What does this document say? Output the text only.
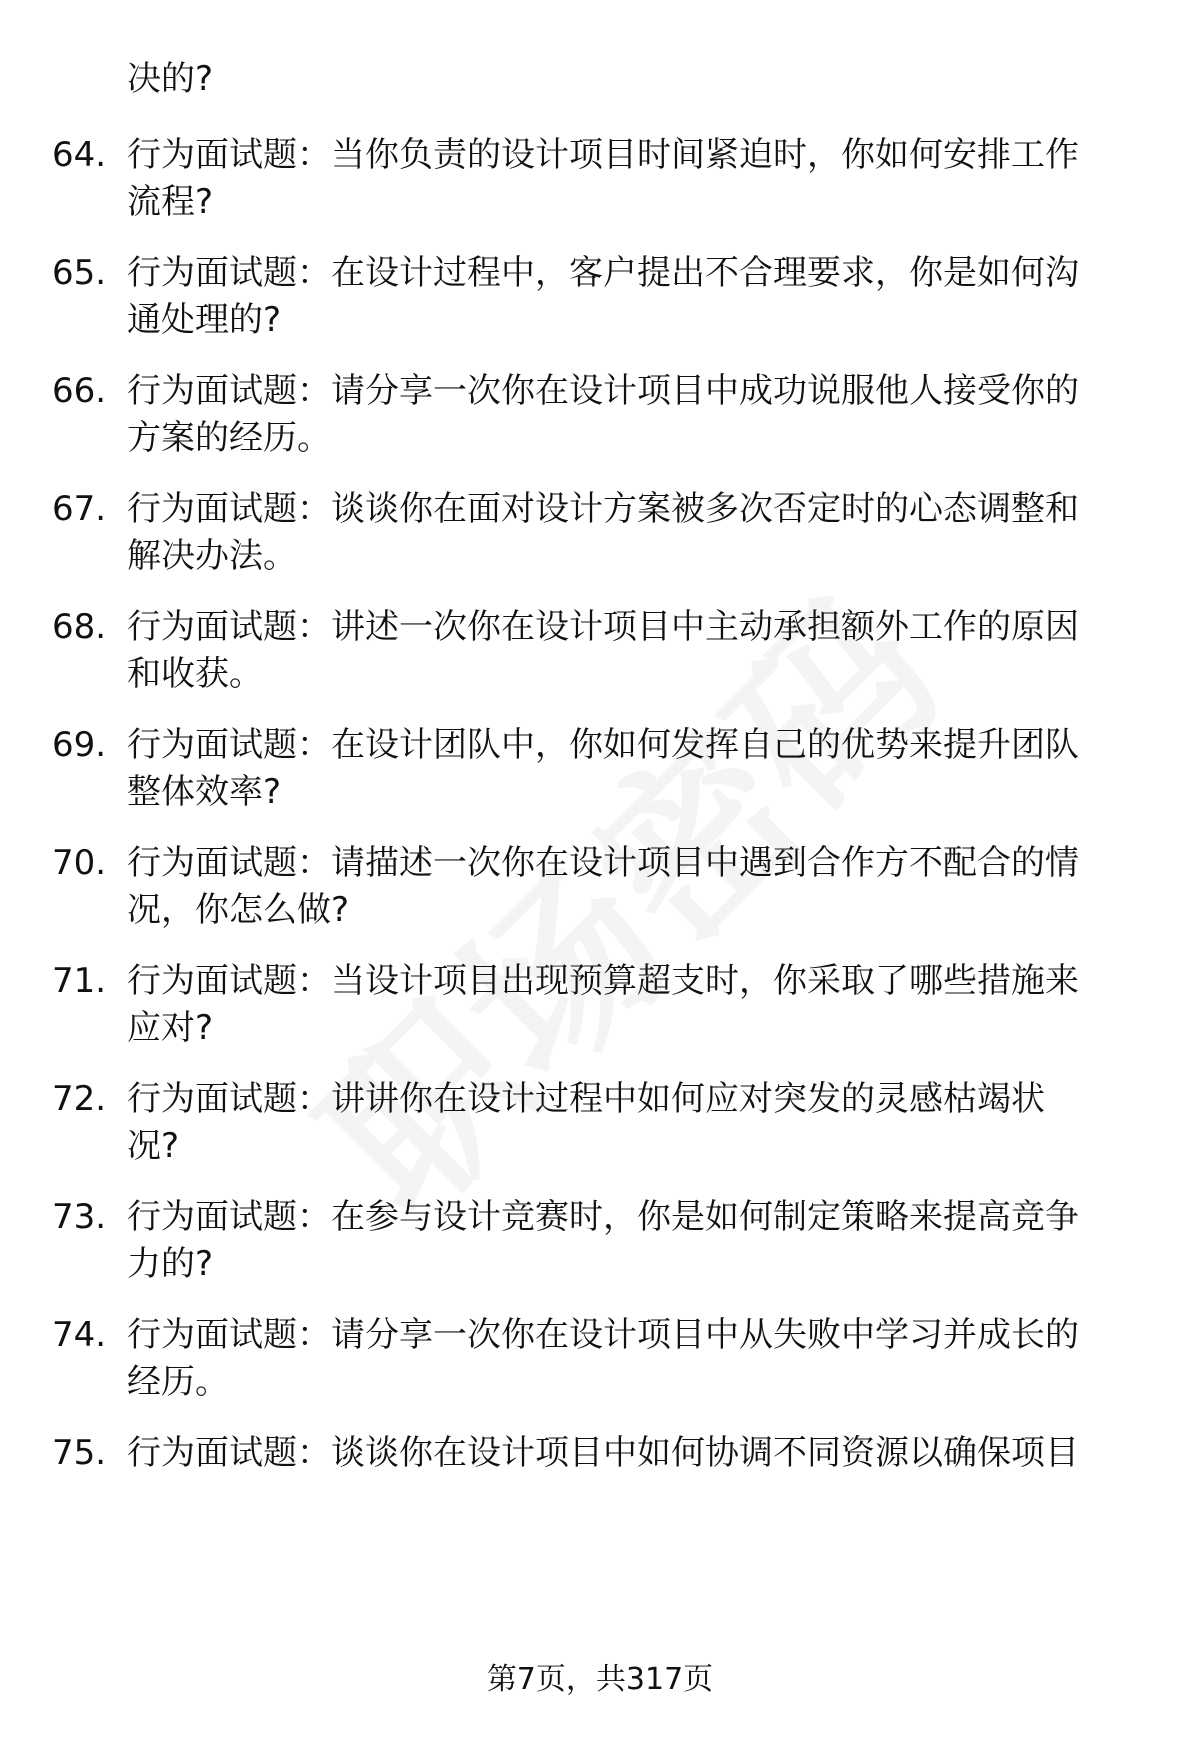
决的?
64. 行为面试题：当你负责的设计项目时间紧迫时，你如何安排工作
流程?
65. 行为面试题：在设计过程中，客户提出不合理要求，你是如何沟
通处理的?
66. 行为面试题：请分享一次你在设计项目中成功说服他人接受你的
方案的经历。
67. 行为面试题：谈谈你在面对设计方案被多次否定时的心态调整和
解决办法。
68. 行为面试题：讲述一次你在设计项目中主动承担额外工作的原因
和收获。
69. 行为面试题：在设计团队中，你如何发挥自己的优势来提升团队
整体效率?
70. 行为面试题：请描述一次你在设计项目中遇到合作方不配合的情
况，你怎么做?
71. 行为面试题：当设计项目出现预算超支时，你采取了哪些措施来
应对?
72. 行为面试题：讲讲你在设计过程中如何应对突发的灵感枯竭状
况?
73. 行为面试题：在参与设计竞赛时，你是如何制定策略来提高竞争
力的?
74. 行为面试题：请分享一次你在设计项目中从失败中学习并成长的
经历。
75. 行为面试题：谈谈你在设计项目中如何协调不同资源以确保项目
第7页，共317页
